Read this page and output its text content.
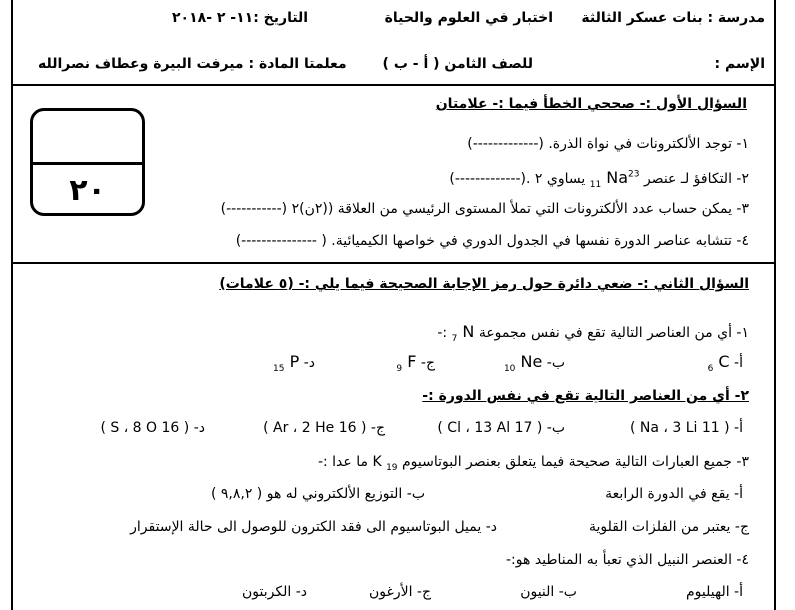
مدرسة : بنات عسكر الثالثة
اختبار في العلوم والحياة
التاريخ :١١- ٢ -٢٠١٨
الإسم :
للصف الثامن ( أ - ب )
معلمتا المادة : ميرفت البيرة وعطاف نصرالله
٢٠
السؤال الأول :- صححي الخطأ فيما :- علامتان
١- توجد الألكترونات في نواة الذرة. (-------------)
٢- التكافؤ لـ عنصر $_{11}$ Na$^{23}$ يساوي ٢ .(-------------)
٣- يمكن حساب عدد الألكترونات التي تملأ المستوى الرئيسي من العلاقة ((٢ن)٢ (-----------)
٤- تتشابه عناصر الدورة نفسها في الجدول الدوري في خواصها الكيميائية. ( ---------------)
السؤال الثاني :- ضعي دائرة حول رمز الإجابة الصحيحة فيما يلي :- (٥ علامات)
١- أي من العناصر التالية تقع في نفس مجموعة $_7$ N :-
أ- $_6$ C
ب- $_{10}$ Ne
ج- $_9$ F
د- $_{15}$ P
٢- أي من العناصر التالية تقع في نفس الدورة :-
أ- ( 11 Na ، 3 Li )
ب- ( 17 Cl ، 13 Al )
ج- ( 16 Ar ، 2 He )
د- ( 16 S ، 8 O )
٣- جميع العبارات التالية صحيحة فيما يتعلق بعنصر البوتاسيوم K $_{19}$ ما عدا :-
أ- يقع في الدورة الرابعة
ب- التوزيع الألكتروني له هو ( ٩,٨,٢ )
ج- يعتبر من الفلزات القلوية
د- يميل البوتاسيوم الى فقد الكترون للوصول الى حالة الإستقرار
٤- العنصر النبيل الذي تعبأ به المناطيد هو:-
أ- الهيليوم
ب- النيون
ج- الأرغون
د- الكربتون
